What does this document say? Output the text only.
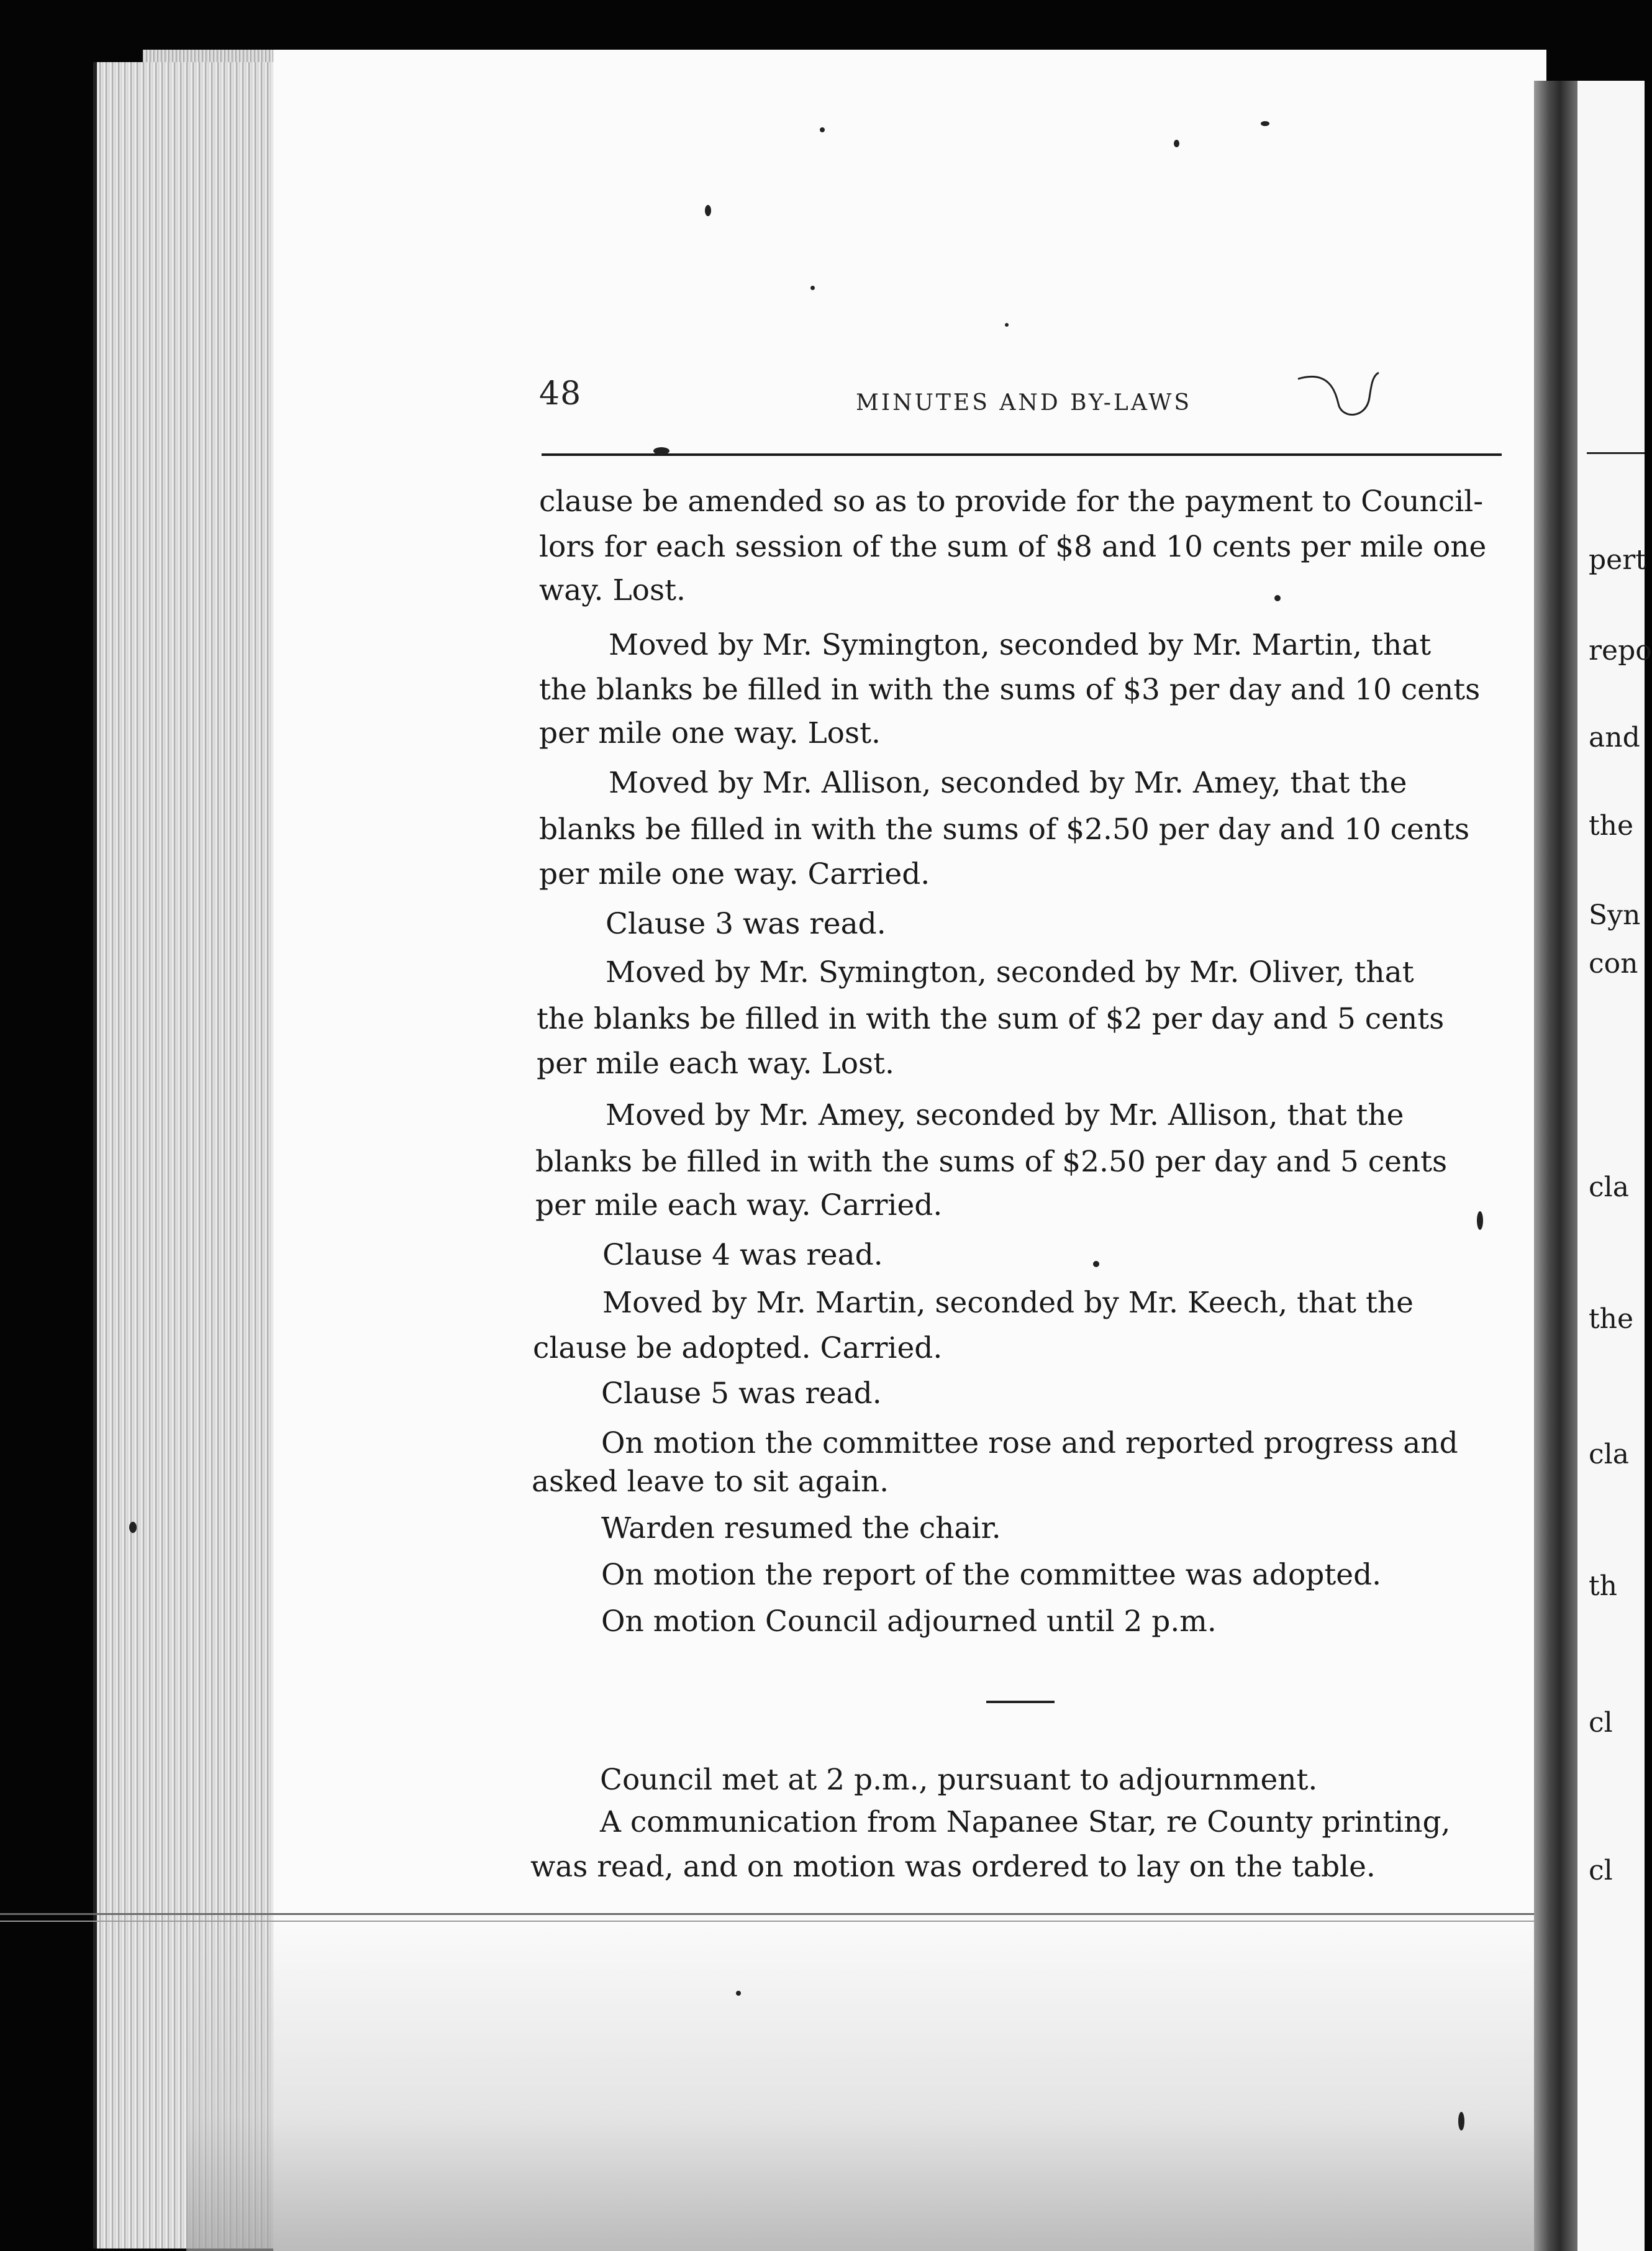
pert
repo
and
the
Syn
con
cla
the
cla
th
cl
cl
48	MINUTES AND BY-LAWS
clause be amended so as to provide for the payment to Council-
lors for each session of the sum of $8 and 10 cents per mile one
way. Lost.
Moved by Mr. Symington, seconded by Mr. Martin, that
the blanks be filled in with the sums of $3 per day and 10 cents
per mile one way. Lost.
Moved by Mr. Allison, seconded by Mr. Amey, that the
blanks be filled in with the sums of $2.50 per day and 10 cents
per mile one way. Carried.
Clause 3 was read.
Moved by Mr. Symington, seconded by Mr. Oliver, that
the blanks be filled in with the sum of $2 per day and 5 cents
per mile each way. Lost.
Moved by Mr. Amey, seconded by Mr. Allison, that the
blanks be filled in with the sums of $2.50 per day and 5 cents
per mile each way. Carried.
Clause 4 was read.
Moved by Mr. Martin, seconded by Mr. Keech, that the
clause be adopted. Carried.
Clause 5 was read.
On motion the committee rose and reported progress and
asked leave to sit again.
Warden resumed the chair.
On motion the report of the committee was adopted.
On motion Council adjourned until 2 p.m.
Council met at 2 p.m., pursuant to adjournment.
A communication from Napanee Star, re County printing,
was read, and on motion was ordered to lay on the table.
